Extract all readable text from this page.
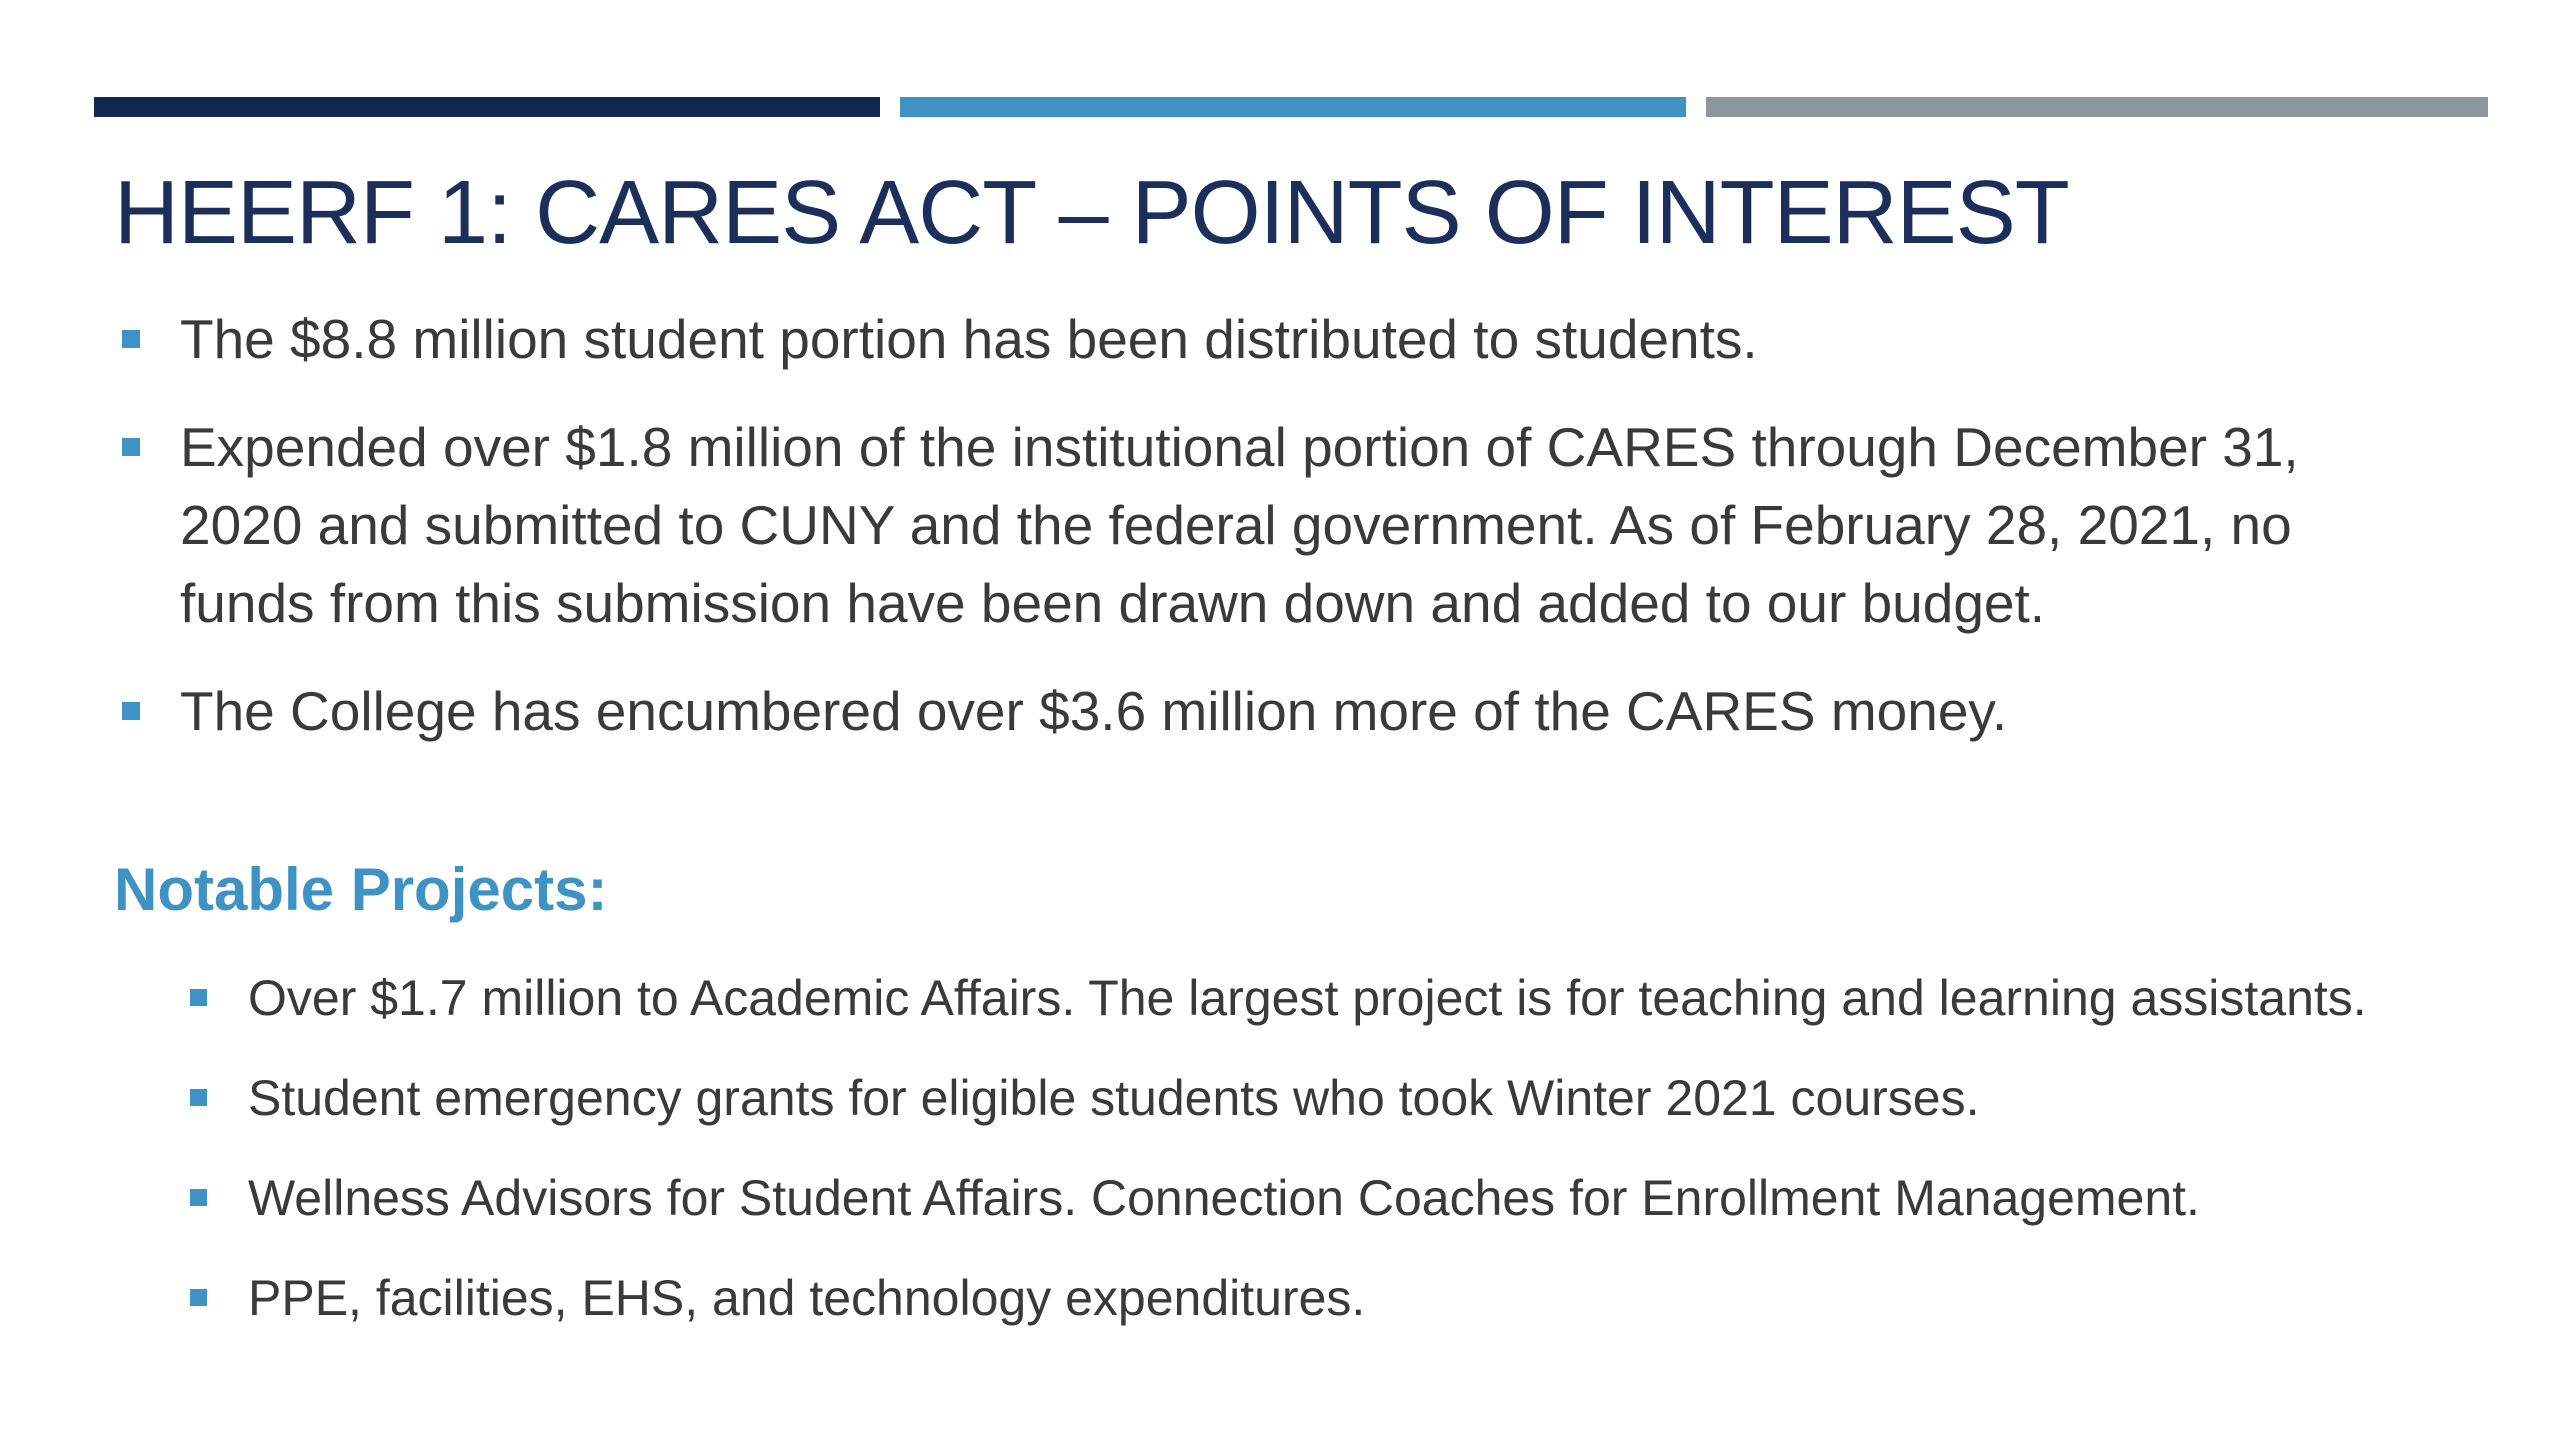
HEERF 1: CARES ACT – POINTS OF INTEREST
The $8.8 million student portion has been distributed to students.
Expended over $1.8 million of the institutional portion of CARES through December 31, 2020 and submitted to CUNY and the federal government. As of February 28, 2021, no funds from this submission have been drawn down and added to our budget.
The College has encumbered over $3.6 million more of the CARES money.
Notable Projects:
Over $1.7 million to Academic Affairs. The largest project is for teaching and learning assistants.
Student emergency grants for eligible students who took Winter 2021 courses.
Wellness Advisors for Student Affairs. Connection Coaches for Enrollment Management.
PPE, facilities, EHS, and technology expenditures.
